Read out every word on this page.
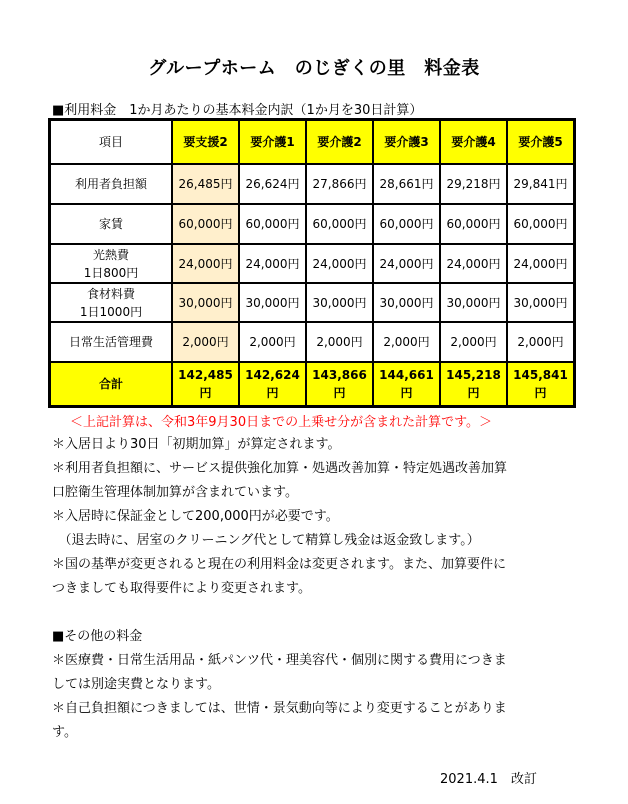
グループホーム　のじぎくの里　料金表
■利用料金　1か月あたりの基本料金内訳（1か月を30日計算）
項目	要支援2	要介護1	要介護2	要介護3	要介護4	要介護5
利用者負担額	26,485円	26,624円	27,866円	28,661円	29,218円	29,841円
家賃	60,000円	60,000円	60,000円	60,000円	60,000円	60,000円

光熱費
1日800円	24,000円	24,000円	24,000円	24,000円	24,000円	24,000円

食材料費
1日1000円	30,000円	30,000円	30,000円	30,000円	30,000円	30,000円
日常生活管理費	2,000円	2,000円	2,000円	2,000円	2,000円	2,000円
合計	142,485円	142,624円	143,866円	144,661円	145,218円	145,841円
＜上記計算は、令和3年9月30日までの上乗せ分が含まれた計算です。＞
＊入居日より30日「初期加算」が算定されます。
＊利用者負担額に、サービス提供強化加算・処遇改善加算・特定処遇改善加算
口腔衛生管理体制加算が含まれています。
＊入居時に保証金として200,000円が必要です。
　（退去時に、居室のクリーニング代として精算し残金は返金致します。）
＊国の基準が変更されると現在の利用料金は変更されます。また、加算要件に
つきましても取得要件により変更されます。
■その他の料金
＊医療費・日常生活用品・紙パンツ代・理美容代・個別に関する費用につきま
しては別途実費となります。
＊自己負担額につきましては、世情・景気動向等により変更することがありま
す。
2021.4.1　改訂
